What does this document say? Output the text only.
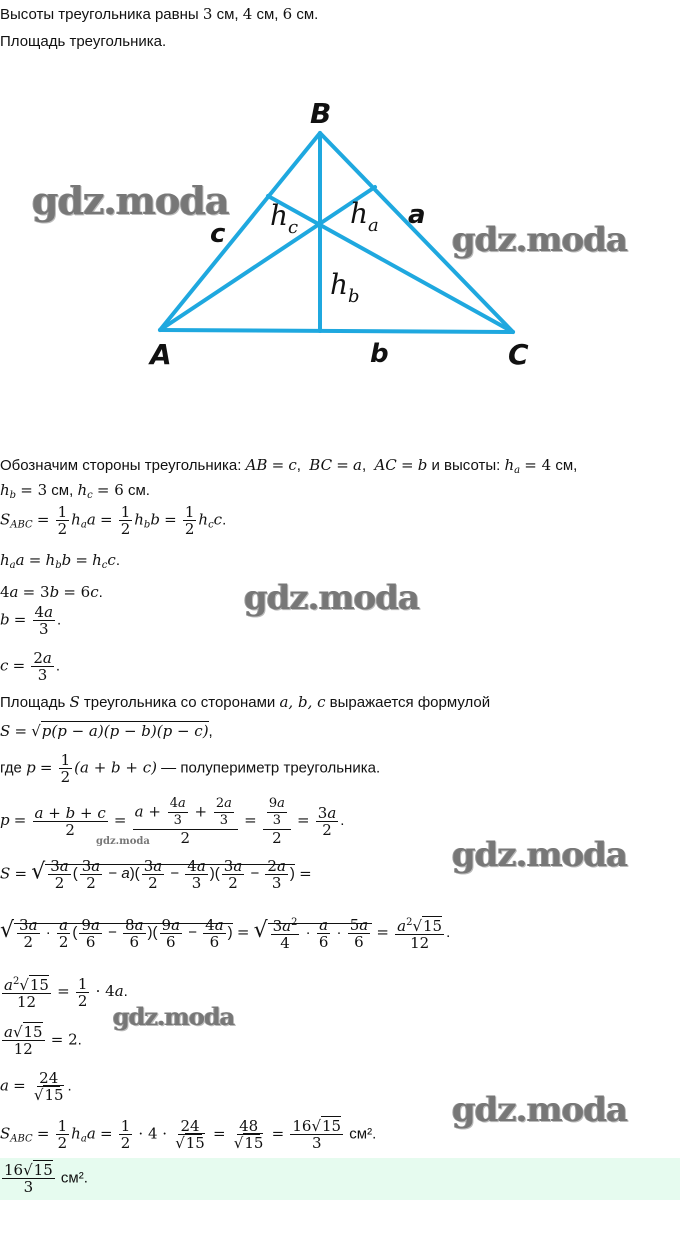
Высоты треугольника равны 3 см, 4 см, 6 см.
Площадь треугольника.
B
A	C
a
b
c
$h_c$ $h_a$
$h_b$
gdz.moda
gdz.moda
gdz.moda
gdz.moda
gdz.moda
gdz.moda
gdz.moda
Обозначим стороны треугольника: AB = c,  BC = a,  AC = b и высоты: $h_a = 4$ см,
$h_b = 3$ см, $h_c = 6$ см.
$S_{ABC} = \frac{1}{2} h_aa = \frac{1}{2} h_bb = \frac{1}{2} h_cc$.
$h_aa = h_bb = h_cc$.
4a = 3b = 6c.
$b = \frac{4a}{3}$ .
$c = \frac{2a}{3}$ .
Площадь S треугольника со сторонами a, b, c выражается формулой
S = √p(p − a)(p − b)(p − c),
где $p = \frac{1}{2} (a + b + c)$ — полупериметр треугольника.
$p = \frac{a + b + c}{2} = \frac{a + \frac{4a}{3} + \frac{2a}{3}}{2} = \frac{\frac{9a}{3}}{2} = \frac{3a}{2}$ .
S = √ $\frac{3a}{2}$ ( $\frac{3a}{2} - a)( \frac{3a}{2} - \frac{4a}{3}$ )( $\frac{3a}{2} - \frac{2a}{3}$ ) =
√ $\frac{3a}{2} \cdot \frac{a}{2}$ ( $\frac{9a}{6} - \frac{8a}{6}$ )( $\frac{9a}{6} - \frac{4a}{6}$ ) = √ $\frac{3a^2}{4} \cdot \frac{a}{6} \cdot \frac{5a}{6} = \frac{a^2√15}{12}$ .
$\frac{a^2√15}{12} = \frac{1}{2} \cdot 4a$.
$\frac{a√15}{12} = 2$.
$a = \frac{24}{√15}$ .
$S_{ABC} = \frac{1}{2} h_aa = \frac{1}{2} \cdot 4 \cdot \frac{24}{√15} = \frac{48}{√15} = \frac{16√15}{3} см^2$.
$\frac{16√15}{3} см^2$.
